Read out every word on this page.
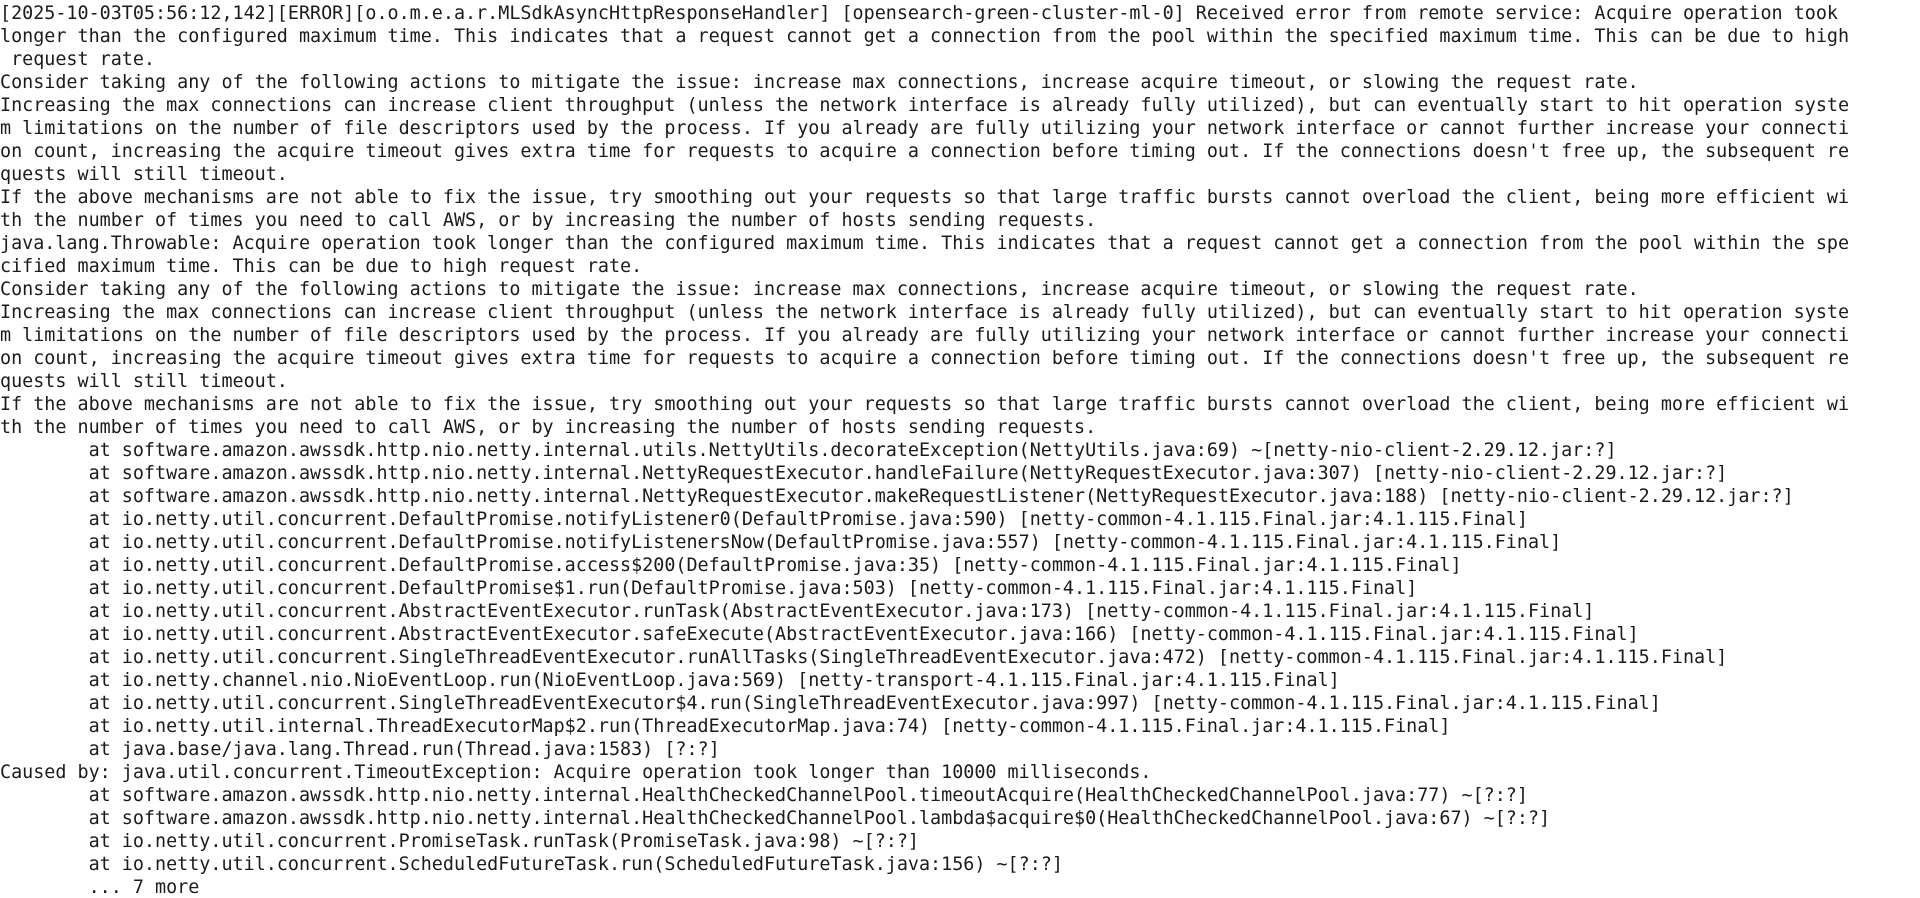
[2025-10-03T05:56:12,142][ERROR][o.o.m.e.a.r.MLSdkAsyncHttpResponseHandler] [opensearch-green-cluster-ml-0] Received error from remote service: Acquire operation took
longer than the configured maximum time. This indicates that a request cannot get a connection from the pool within the specified maximum time. This can be due to high
request rate.
Consider taking any of the following actions to mitigate the issue: increase max connections, increase acquire timeout, or slowing the request rate.
Increasing the max connections can increase client throughput (unless the network interface is already fully utilized), but can eventually start to hit operation syste
m limitations on the number of file descriptors used by the process. If you already are fully utilizing your network interface or cannot further increase your connecti
on count, increasing the acquire timeout gives extra time for requests to acquire a connection before timing out. If the connections doesn't free up, the subsequent re
quests will still timeout.
If the above mechanisms are not able to fix the issue, try smoothing out your requests so that large traffic bursts cannot overload the client, being more efficient wi
th the number of times you need to call AWS, or by increasing the number of hosts sending requests.
java.lang.Throwable: Acquire operation took longer than the configured maximum time. This indicates that a request cannot get a connection from the pool within the spe
cified maximum time. This can be due to high request rate.
Consider taking any of the following actions to mitigate the issue: increase max connections, increase acquire timeout, or slowing the request rate.
Increasing the max connections can increase client throughput (unless the network interface is already fully utilized), but can eventually start to hit operation syste
m limitations on the number of file descriptors used by the process. If you already are fully utilizing your network interface or cannot further increase your connecti
on count, increasing the acquire timeout gives extra time for requests to acquire a connection before timing out. If the connections doesn't free up, the subsequent re
quests will still timeout.
If the above mechanisms are not able to fix the issue, try smoothing out your requests so that large traffic bursts cannot overload the client, being more efficient wi
th the number of times you need to call AWS, or by increasing the number of hosts sending requests.
at software.amazon.awssdk.http.nio.netty.internal.utils.NettyUtils.decorateException(NettyUtils.java:69) ~[netty-nio-client-2.29.12.jar:?]
at software.amazon.awssdk.http.nio.netty.internal.NettyRequestExecutor.handleFailure(NettyRequestExecutor.java:307) [netty-nio-client-2.29.12.jar:?]
at software.amazon.awssdk.http.nio.netty.internal.NettyRequestExecutor.makeRequestListener(NettyRequestExecutor.java:188) [netty-nio-client-2.29.12.jar:?]
at io.netty.util.concurrent.DefaultPromise.notifyListener0(DefaultPromise.java:590) [netty-common-4.1.115.Final.jar:4.1.115.Final]
at io.netty.util.concurrent.DefaultPromise.notifyListenersNow(DefaultPromise.java:557) [netty-common-4.1.115.Final.jar:4.1.115.Final]
at io.netty.util.concurrent.DefaultPromise.access$200(DefaultPromise.java:35) [netty-common-4.1.115.Final.jar:4.1.115.Final]
at io.netty.util.concurrent.DefaultPromise$1.run(DefaultPromise.java:503) [netty-common-4.1.115.Final.jar:4.1.115.Final]
at io.netty.util.concurrent.AbstractEventExecutor.runTask(AbstractEventExecutor.java:173) [netty-common-4.1.115.Final.jar:4.1.115.Final]
at io.netty.util.concurrent.AbstractEventExecutor.safeExecute(AbstractEventExecutor.java:166) [netty-common-4.1.115.Final.jar:4.1.115.Final]
at io.netty.util.concurrent.SingleThreadEventExecutor.runAllTasks(SingleThreadEventExecutor.java:472) [netty-common-4.1.115.Final.jar:4.1.115.Final]
at io.netty.channel.nio.NioEventLoop.run(NioEventLoop.java:569) [netty-transport-4.1.115.Final.jar:4.1.115.Final]
at io.netty.util.concurrent.SingleThreadEventExecutor$4.run(SingleThreadEventExecutor.java:997) [netty-common-4.1.115.Final.jar:4.1.115.Final]
at io.netty.util.internal.ThreadExecutorMap$2.run(ThreadExecutorMap.java:74) [netty-common-4.1.115.Final.jar:4.1.115.Final]
at java.base/java.lang.Thread.run(Thread.java:1583) [?:?]
Caused by: java.util.concurrent.TimeoutException: Acquire operation took longer than 10000 milliseconds.
at software.amazon.awssdk.http.nio.netty.internal.HealthCheckedChannelPool.timeoutAcquire(HealthCheckedChannelPool.java:77) ~[?:?]
at software.amazon.awssdk.http.nio.netty.internal.HealthCheckedChannelPool.lambda$acquire$0(HealthCheckedChannelPool.java:67) ~[?:?]
at io.netty.util.concurrent.PromiseTask.runTask(PromiseTask.java:98) ~[?:?]
at io.netty.util.concurrent.ScheduledFutureTask.run(ScheduledFutureTask.java:156) ~[?:?]
... 7 more
